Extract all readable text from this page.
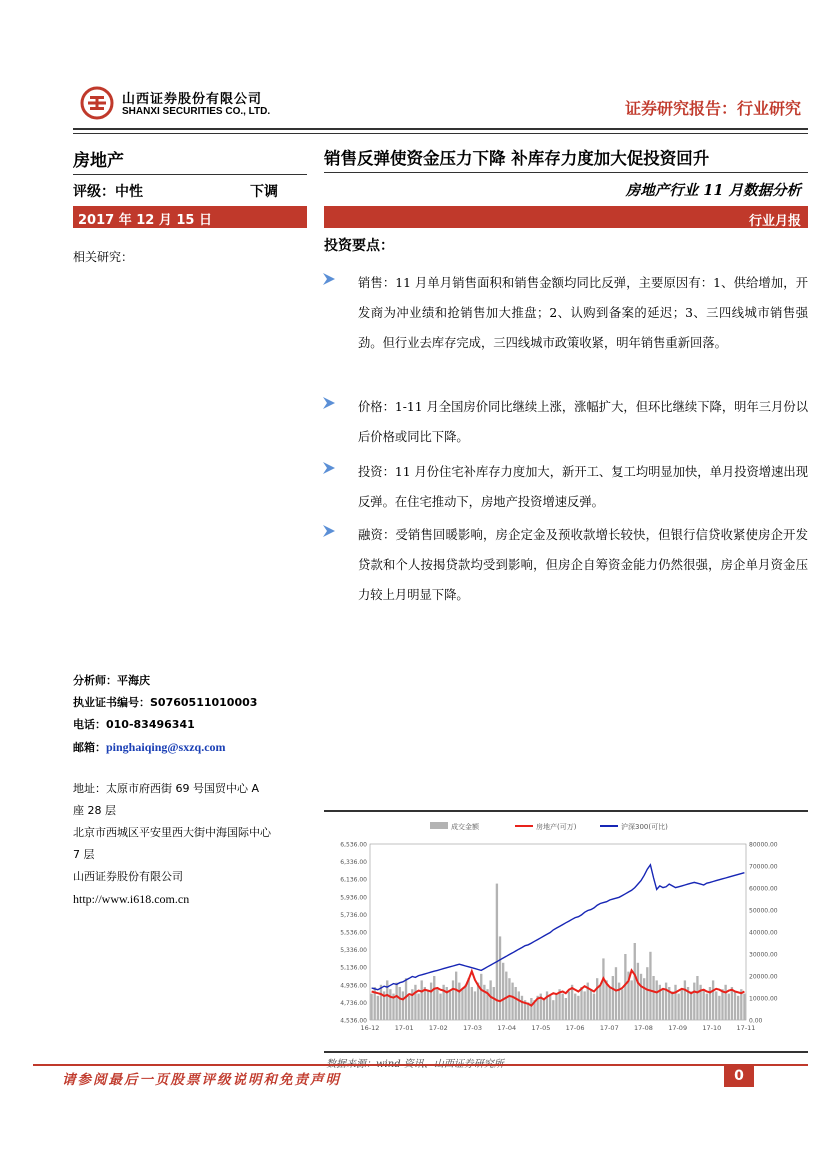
山西证券股份有限公司
SHANXI SECURITIES CO., LTD.	证券研究报告：行业研究
房地产
评级：中性	下调
销售反弹使资金压力下降 补库存力度加大促投资回升
房地产行业 11 月数据分析
2017 年 12 月 15 日	行业月报
相关研究：
分析师：平海庆
执业证书编号：S0760511010003
电话：010-83496341
邮箱：pinghaiqing@sxzq.com
地址：太原市府西街 69 号国贸中心 A
座 28 层
北京市西城区平安里西大街中海国际中心
7 层
山西证券股份有限公司
http://www.i618.com.cn
投资要点：
销售：11 月单月销售面积和销售金额均同比反弹，主要原因有：1、供给增加，开发商为冲业绩和抢销售加大推盘；2、认购到备案的延迟；3、三四线城市销售强劲。但行业去库存完成，三四线城市政策收紧，明年销售重新回落。
价格：1-11 月全国房价同比继续上涨，涨幅扩大，但环比继续下降，明年三月份以后价格或同比下降。
投资：11 月份住宅补库存力度加大，新开工、复工均明显加快，单月投资增速出现反弹。在住宅推动下，房地产投资增速反弹。
融资：受销售回暖影响，房企定金及预收款增长较快，但银行信贷收紧使房企开发贷款和个人按揭贷款均受到影响，但房企自筹资金能力仍然很强，房企单月资金压力较上月明显下降。
成交金额	房地产(可万)	沪深300(可比)
6,536.00
6,336.00
6,136.00
5,936.00
5,736.00
5,536.00
5,336.00
5,136.00
4,936.00
4,736.00
4,536.00
80000.00
70000.00
60000.00
50000.00
40000.00
30000.00
20000.00
10000.00
0.00
16-12 17-01 17-02 17-03 17-04 17-05 17-06 17-07 17-08 17-09 17-10 17-11
请参阅最后一页股票评级说明和免责声明	0
